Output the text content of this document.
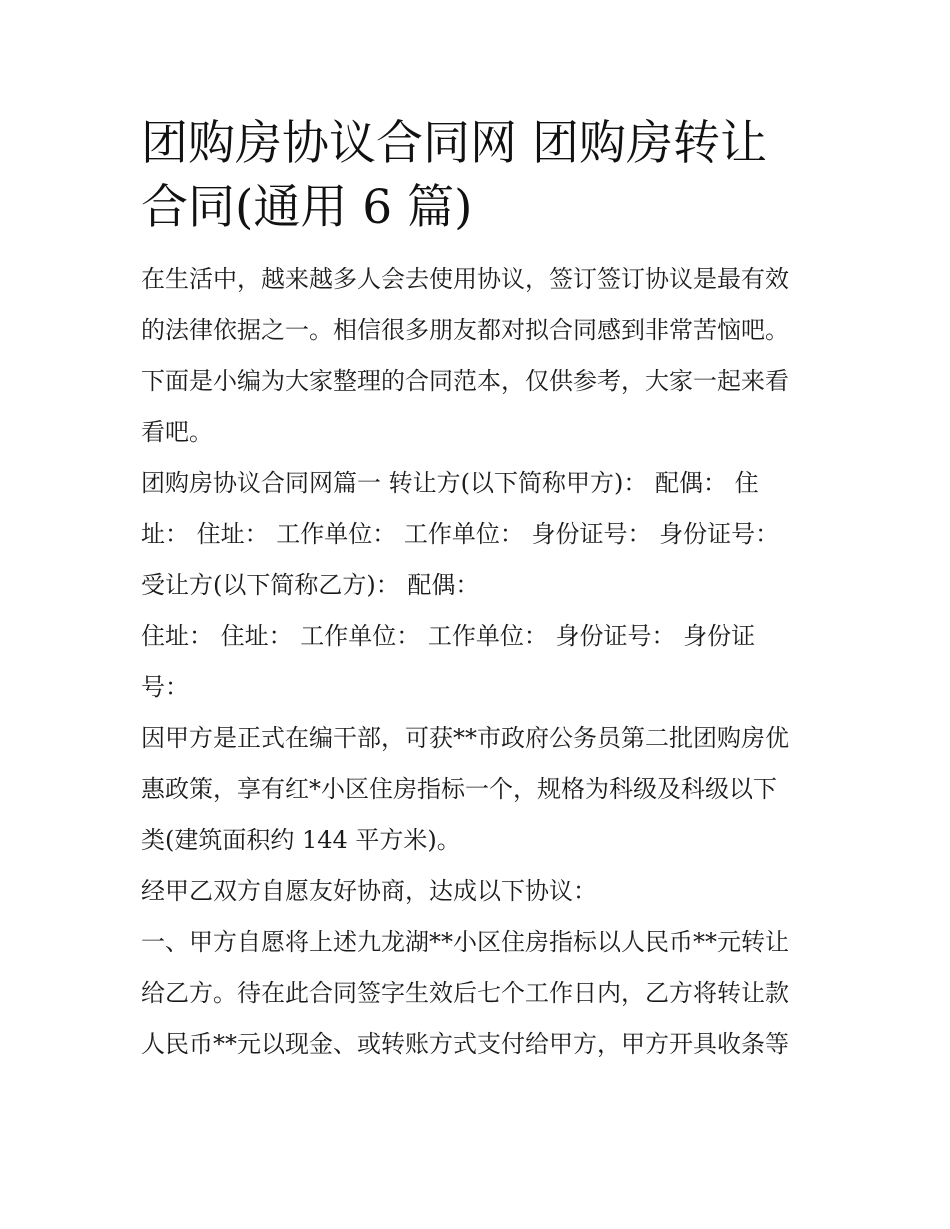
团购房协议合同网 团购房转让
合同(通用 6 篇)

在生活中，越来越多人会去使用协议，签订签订协议是最有效
的法律依据之一。相信很多朋友都对拟合同感到非常苦恼吧。
下面是小编为大家整理的合同范本，仅供参考，大家一起来看
看吧。

团购房协议合同网篇一 转让方(以下简称甲方)： 配偶： 住
址： 住址： 工作单位： 工作单位： 身份证号： 身份证号：
受让方(以下简称乙方)： 配偶：

住址： 住址： 工作单位： 工作单位： 身份证号： 身份证
号：

因甲方是正式在编干部，可获**市政府公务员第二批团购房优
惠政策，享有红*小区住房指标一个，规格为科级及科级以下
类(建筑面积约 144 平方米)。

经甲乙双方自愿友好协商，达成以下协议：

一、甲方自愿将上述九龙湖**小区住房指标以人民币**元转让
给乙方。待在此合同签字生效后七个工作日内，乙方将转让款
人民币**元以现金、或转账方式支付给甲方，甲方开具收条等
